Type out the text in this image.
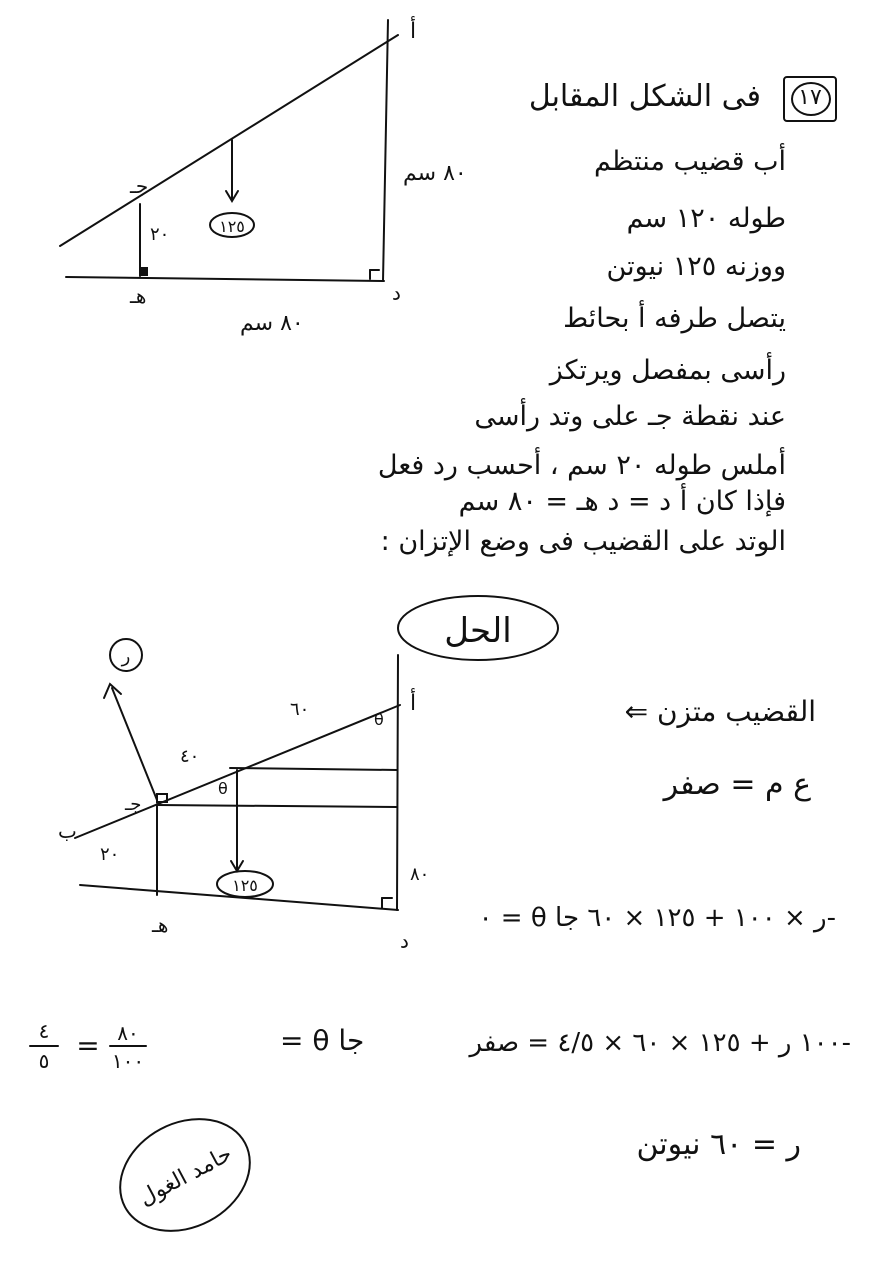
١٧
فى الشكل المقابل
أب قضيب منتظم
طوله ١٢٠ سم
ووزنه ١٢٥ نيوتن
يتصل طرفه أ بحائط
رأسى بمفصل ويرتكز
عند نقطة جـ على وتد رأسى
أملس طوله ٢٠ سم ، أحسب رد فعل
فإذا كان أ د = د هـ = ٨٠ سم
الوتد على القضيب فى وضع الإتزان :
القضيب متزن ⇐
ع م = صفر
-ر × ١٠٠ + ١٢٥ × ٦٠ جا θ = ٠
-١٠٠ ر + ١٢٥ × ٦٠ × ٤/٥ = صفر
ر = ٦٠ نيوتن
١٢٥
أ
جـ
د
هـ
٢٠
٨٠ سم
٨٠ سم
الحل
١٢٥
ر
أ
ب
جـ
د
هـ
٦٠
٤٠
٢٠
٨٠
θ
θ
جا θ =
٨٠
١٠٠
=
٤
٥
حامد الغول
